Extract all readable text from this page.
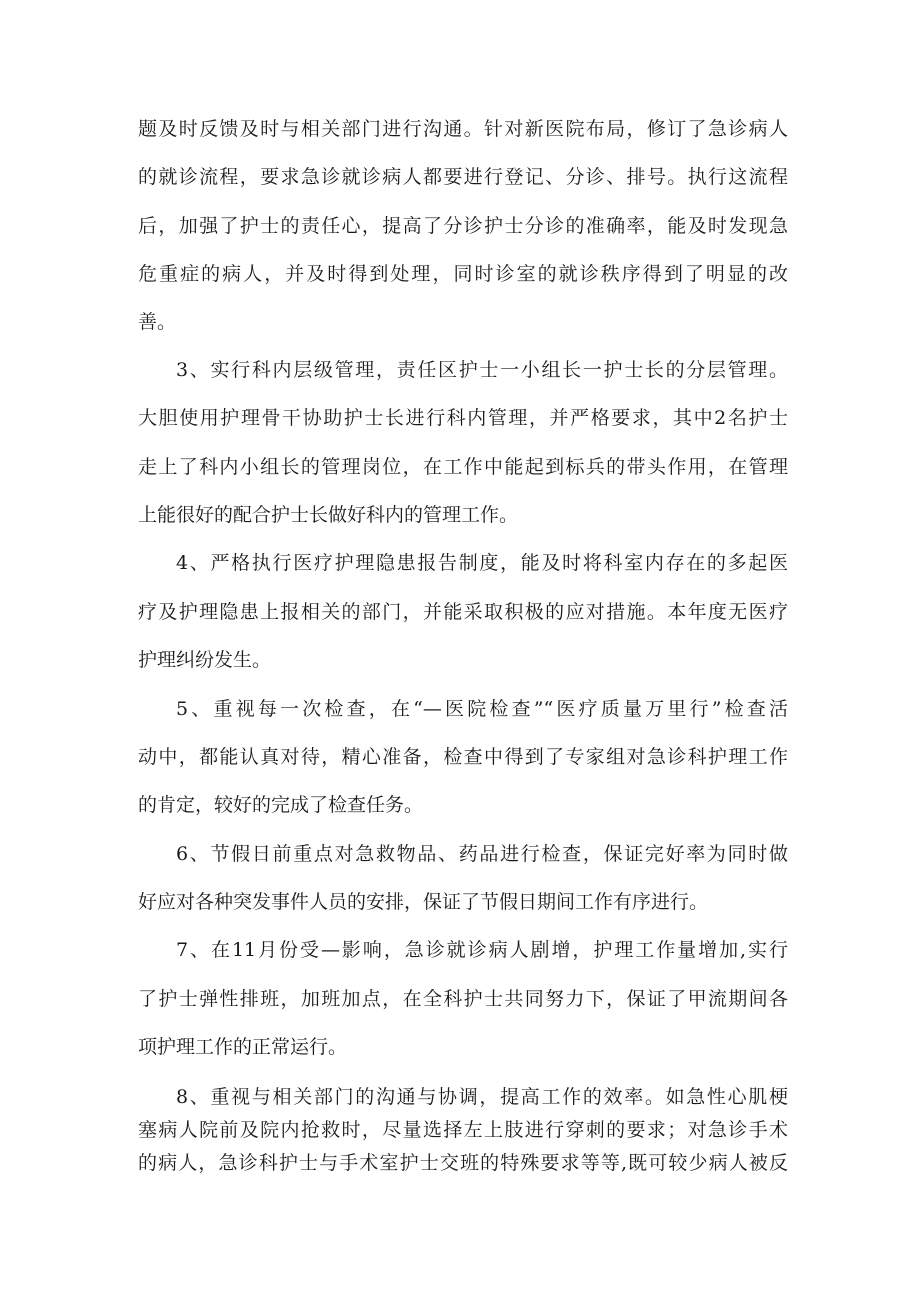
题及时反馈及时与相关部门进行沟通。针对新医院布局，修订了急诊病人

的就诊流程，要求急诊就诊病人都要进行登记、分诊、排号。执行这流程

后，加强了护士的责任心，提高了分诊护士分诊的准确率，能及时发现急

危重症的病人，并及时得到处理，同时诊室的就诊秩序得到了明显的改

善。

3、实行科内层级管理，责任区护士一小组长一护士长的分层管理。

大胆使用护理骨干协助护士长进行科内管理，并严格要求，其中2名护士

走上了科内小组长的管理岗位，在工作中能起到标兵的带头作用，在管理

上能很好的配合护士长做好科内的管理工作。

4、严格执行医疗护理隐患报告制度，能及时将科室内存在的多起医

疗及护理隐患上报相关的部门，并能采取积极的应对措施。本年度无医疗

护理纠纷发生。

5、重视每一次检查，在“—医院检查”“医疗质量万里行”检查活

动中，都能认真对待，精心准备，检查中得到了专家组对急诊科护理工作

的肯定，较好的完成了检查任务。

6、节假日前重点对急救物品、药品进行检查，保证完好率为同时做

好应对各种突发事件人员的安排，保证了节假日期间工作有序进行。

7、在11月份受—影响，急诊就诊病人剧增，护理工作量增加,实行

了护士弹性排班，加班加点，在全科护士共同努力下，保证了甲流期间各

项护理工作的正常运行。

8、重视与相关部门的沟通与协调，提高工作的效率。如急性心肌梗

塞病人院前及院内抢救时，尽量选择左上肢进行穿刺的要求；对急诊手术

的病人，急诊科护士与手术室护士交班的特殊要求等等,既可较少病人被反
